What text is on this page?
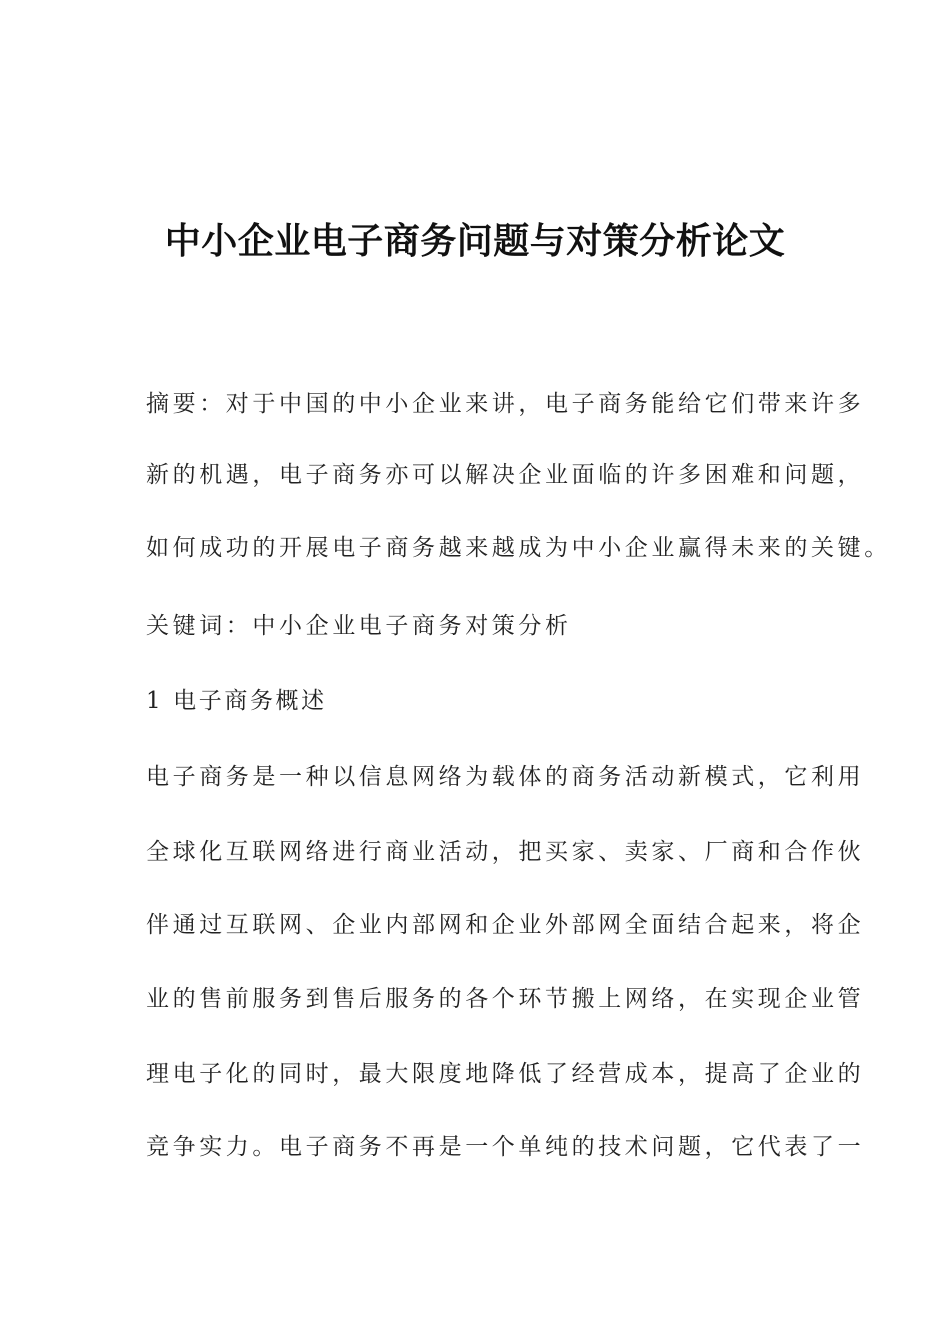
中小企业电子商务问题与对策分析论文
摘要：对于中国的中小企业来讲，电子商务能给它们带来许多
新的机遇，电子商务亦可以解决企业面临的许多困难和问题，
如何成功的开展电子商务越来越成为中小企业赢得未来的关键。
关键词：中小企业电子商务对策分析
1 电子商务概述
电子商务是一种以信息网络为载体的商务活动新模式，它利用
全球化互联网络进行商业活动，把买家、卖家、厂商和合作伙
伴通过互联网、企业内部网和企业外部网全面结合起来，将企
业的售前服务到售后服务的各个环节搬上网络，在实现企业管
理电子化的同时，最大限度地降低了经营成本，提高了企业的
竞争实力。电子商务不再是一个单纯的技术问题，它代表了一
